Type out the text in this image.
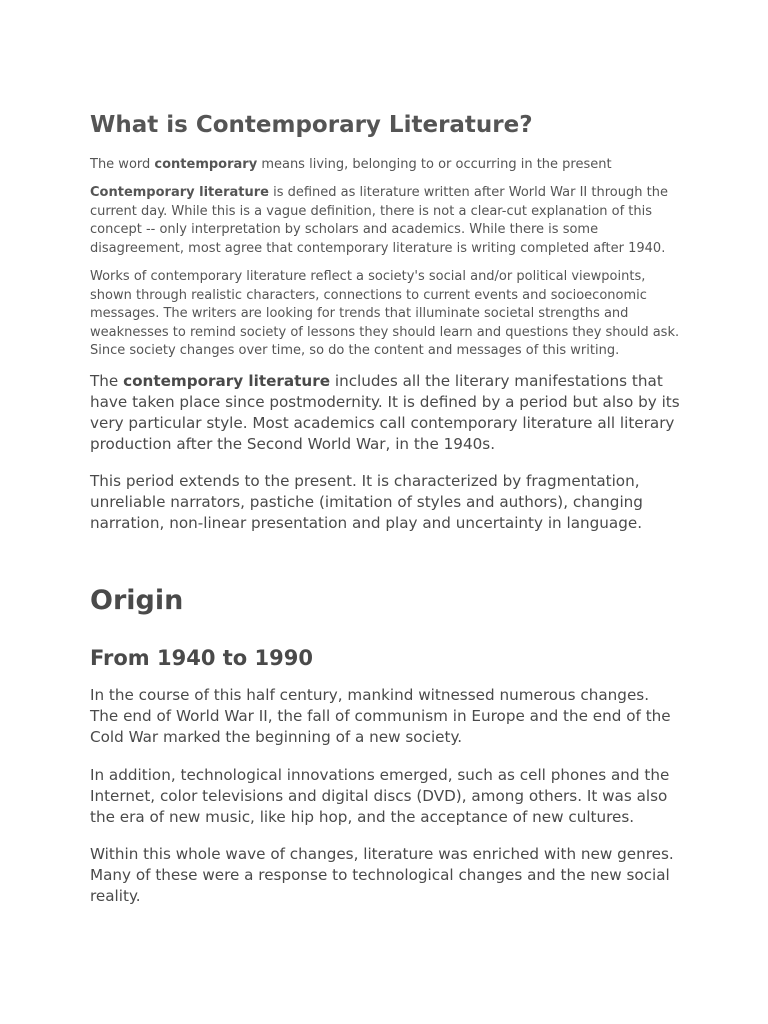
What is Contemporary Literature?

The word contemporary means living, belonging to or occurring in the present

Contemporary literature is defined as literature written after World War II through the current day. While this is a vague definition, there is not a clear-cut explanation of this concept -- only interpretation by scholars and academics. While there is some disagreement, most agree that contemporary literature is writing completed after 1940.

Works of contemporary literature reflect a society's social and/or political viewpoints, shown through realistic characters, connections to current events and socioeconomic messages. The writers are looking for trends that illuminate societal strengths and weaknesses to remind society of lessons they should learn and questions they should ask. Since society changes over time, so do the content and messages of this writing.

The contemporary literature includes all the literary manifestations that have taken place since postmodernity. It is defined by a period but also by its very particular style. Most academics call contemporary literature all literary production after the Second World War, in the 1940s.

This period extends to the present. It is characterized by fragmentation, unreliable narrators, pastiche (imitation of styles and authors), changing narration, non-linear presentation and play and uncertainty in language.

Origin
From 1940 to 1990

In the course of this half century, mankind witnessed numerous changes. The end of World War II, the fall of communism in Europe and the end of the Cold War marked the beginning of a new society.

In addition, technological innovations emerged, such as cell phones and the Internet, color televisions and digital discs (DVD), among others. It was also the era of new music, like hip hop, and the acceptance of new cultures.

Within this whole wave of changes, literature was enriched with new genres. Many of these were a response to technological changes and the new social reality.
